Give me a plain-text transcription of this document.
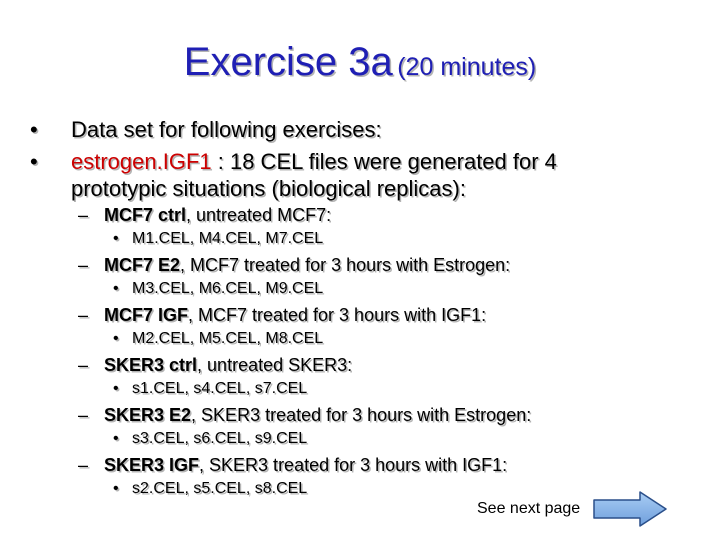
Exercise 3a (20 minutes)
• Data set for following exercises:
• estrogen.IGF1 : 18 CEL files were generated for 4
prototypic situations (biological replicas):
– MCF7 ctrl, untreated MCF7:
• M1.CEL, M4.CEL, M7.CEL
– MCF7 E2, MCF7 treated for 3 hours with Estrogen:
• M3.CEL, M6.CEL, M9.CEL
– MCF7 IGF, MCF7 treated for 3 hours with IGF1:
• M2.CEL, M5.CEL, M8.CEL
– SKER3 ctrl, untreated SKER3:
• s1.CEL, s4.CEL, s7.CEL
– SKER3 E2, SKER3 treated for 3 hours with Estrogen:
• s3.CEL, s6.CEL, s9.CEL
– SKER3 IGF, SKER3 treated for 3 hours with IGF1:
• s2.CEL, s5.CEL, s8.CEL
See next page
